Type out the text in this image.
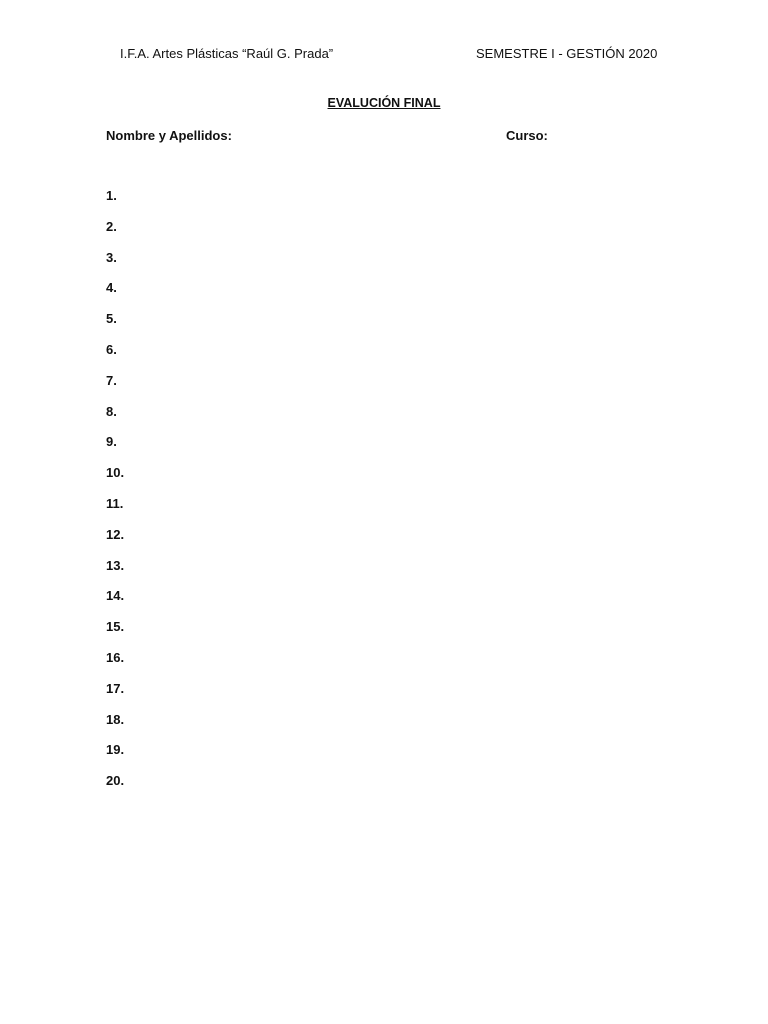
I.F.A. Artes Plásticas “Raúl G. Prada”	SEMESTRE I - GESTIÓN 2020
EVALUCIÓN FINAL
Nombre y Apellidos:	Curso:
1.
2.
3.
4.
5.
6.
7.
8.
9.
10.
11.
12.
13.
14.
15.
16.
17.
18.
19.
20.
